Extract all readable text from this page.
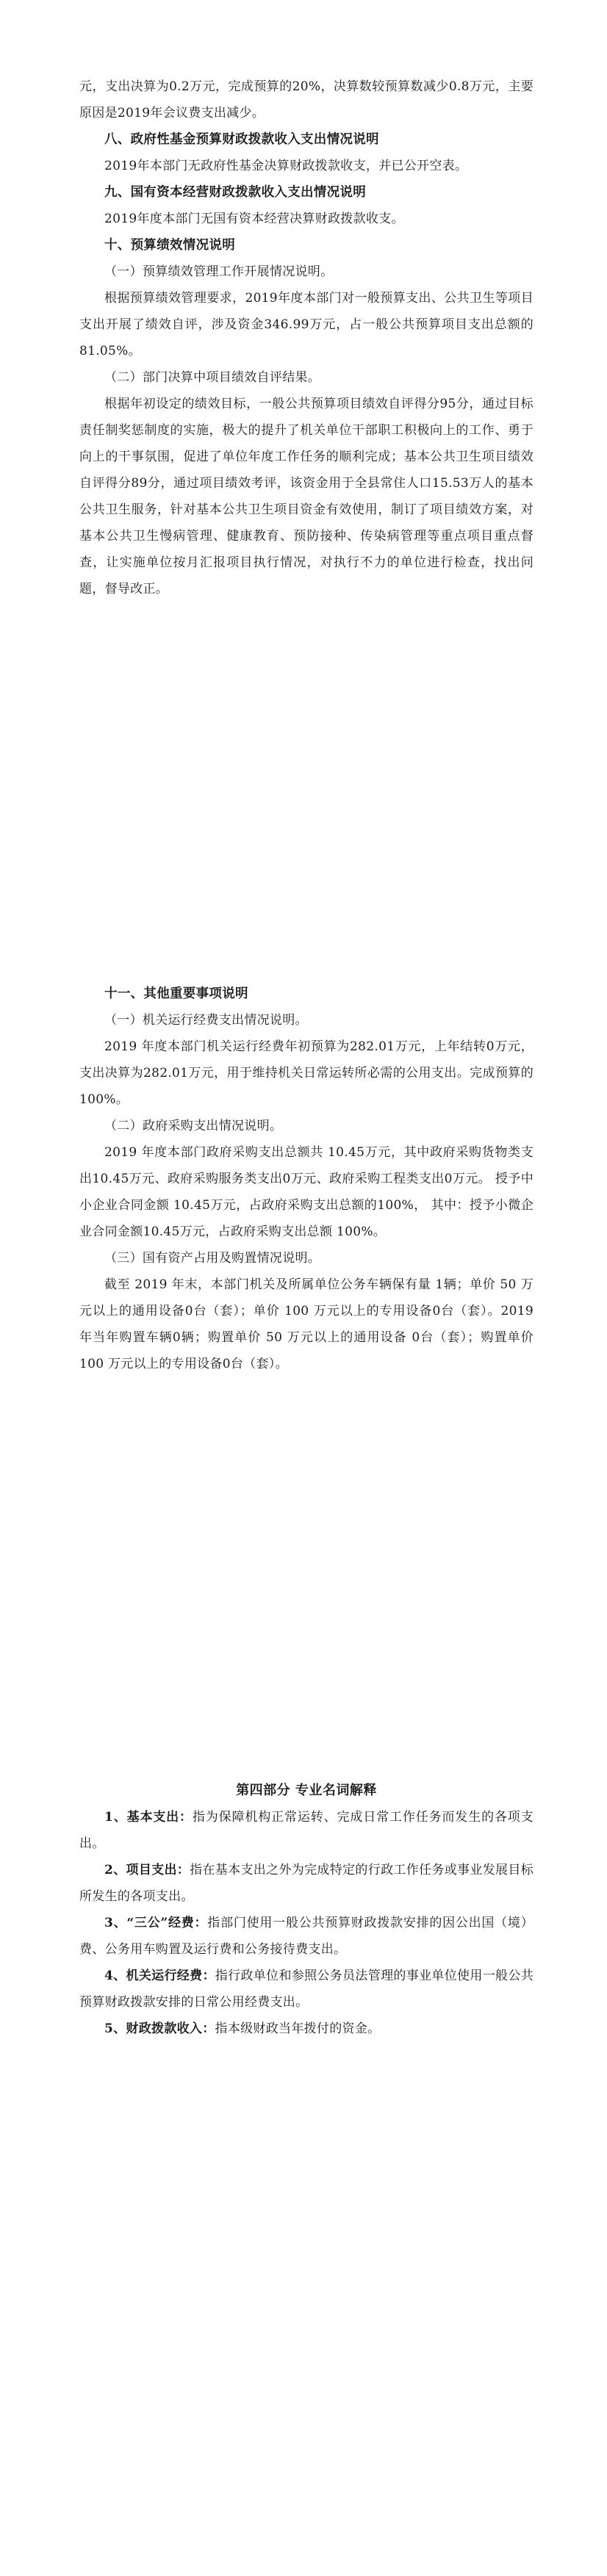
元，支出决算为0.2万元，完成预算的20%，决算数较预算数减少0.8万元，主要原因是2019年会议费支出减少。

八、政府性基金预算财政拨款收入支出情况说明

2019年本部门无政府性基金决算财政拨款收支，并已公开空表。

九、国有资本经营财政拨款收入支出情况说明

2019年度本部门无国有资本经营决算财政拨款收支。

十、预算绩效情况说明

（一）预算绩效管理工作开展情况说明。

根据预算绩效管理要求，2019年度本部门对一般预算支出、公共卫生等项目支出开展了绩效自评，涉及资金346.99万元，占一般公共预算项目支出总额的81.05%。

（二）部门决算中项目绩效自评结果。

根据年初设定的绩效目标，一般公共预算项目绩效自评得分95分，通过目标责任制奖惩制度的实施，极大的提升了机关单位干部职工积极向上的工作、勇于向上的干事氛围，促进了单位年度工作任务的顺利完成；基本公共卫生项目绩效自评得分89分，通过项目绩效考评，该资金用于全县常住人口15.53万人的基本公共卫生服务，针对基本公共卫生项目资金有效使用，制订了项目绩效方案，对基本公共卫生慢病管理、健康教育、预防接种、传染病管理等重点项目重点督查，让实施单位按月汇报项目执行情况，对执行不力的单位进行检查，找出问题，督导改正。

十一、其他重要事项说明

（一）机关运行经费支出情况说明。

2019 年度本部门机关运行经费年初预算为282.01万元，上年结转0万元，支出决算为282.01万元，用于维持机关日常运转所必需的公用支出。完成预算的100%。

（二）政府采购支出情况说明。

2019 年度本部门政府采购支出总额共 10.45万元，其中政府采购货物类支出10.45万元、政府采购服务类支出0万元、政府采购工程类支出0万元。 授予中小企业合同金额 10.45万元，占政府采购支出总额的100%， 其中：授予小微企业合同金额10.45万元，占政府采购支出总额 100%。

（三）国有资产占用及购置情况说明。

截至 2019 年末，本部门机关及所属单位公务车辆保有量 1辆；单价 50 万元以上的通用设备0台（套）；单价 100 万元以上的专用设备0台（套）。2019 年当年购置车辆0辆；购置单价 50 万元以上的通用设备 0台（套）；购置单价 100 万元以上的专用设备0台（套）。

第四部分 专业名词解释

1、基本支出：指为保障机构正常运转、完成日常工作任务而发生的各项支出。

2、项目支出：指在基本支出之外为完成特定的行政工作任务或事业发展目标所发生的各项支出。

3、“三公”经费：指部门使用一般公共预算财政拨款安排的因公出国（境）费、公务用车购置及运行费和公务接待费支出。

4、机关运行经费：指行政单位和参照公务员法管理的事业单位使用一般公共预算财政拨款安排的日常公用经费支出。

5、财政拨款收入：指本级财政当年拨付的资金。
